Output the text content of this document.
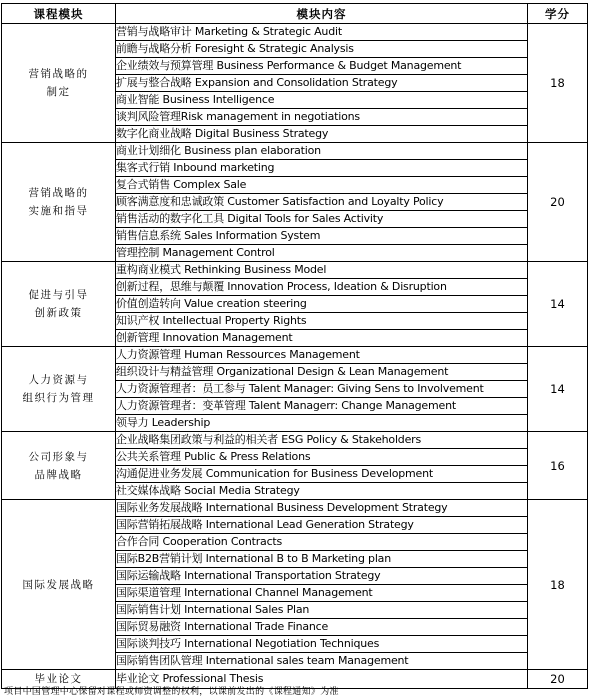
课程模块	模块内容	学分

营销战略的
制定	营销与战略审计 Marketing & Strategic Audit	18
	前瞻与战略分析 Foresight & Strategic Analysis	
	企业绩效与预算管理 Business Performance & Budget Management	
	扩展与整合战略 Expansion and Consolidation Strategy	
	商业智能 Business Intelligence	
	谈判风险管理Risk management in negotiations	
	数字化商业战略 Digital Business Strategy	

营销战略的
实施和指导	商业计划细化 Business plan elaboration	20
	集客式行销 Inbound marketing	
	复合式销售 Complex Sale	
	顾客满意度和忠诚政策 Customer Satisfaction and Loyalty Policy	
	销售活动的数字化工具 Digital Tools for Sales Activity	
	销售信息系统 Sales Information System	
	管理控制 Management Control	

促进与引导
创新政策	重构商业模式 Rethinking Business Model	14
	创新过程，思维与颠覆 Innovation Process, Ideation & Disruption	
	价值创造转向 Value creation steering	
	知识产权 Intellectual Property Rights	
	创新管理 Innovation Management	

人力资源与
组织行为管理	人力资源管理 Human Ressources Management	14
	组织设计与精益管理 Organizational Design & Lean Management	
	人力资源管理者：员工参与 Talent Manager: Giving Sens to Involvement	
	人力资源管理者：变革管理 Talent Managerr: Change Management	
	领导力 Leadership	

公司形象与
品牌战略	企业战略集团政策与利益的相关者 ESG Policy & Stakeholders	16
	公共关系管理 Public & Press Relations	
	沟通促进业务发展 Communication for Business Development	
	社交媒体战略 Social Media Strategy	

国际发展战略	国际业务发展战略 International Business Development Strategy	18
	国际营销拓展战略 International Lead Generation Strategy	
	合作合同 Cooperation Contracts	
	国际B2B营销计划 International B to B Marketing plan	
	国际运输战略 International Transportation Strategy	
	国际渠道管理 International Channel Management	
	国际销售计划 International Sales Plan	
	国际贸易融资 International Trade Finance	
	国际谈判技巧 International Negotiation Techniques	
	国际销售团队管理 International sales team Management	

毕业论文	毕业论文 Professional Thesis	20
项目中国管理中心保留对课程或师资调整的权利，以课前发出的《课程通知》为准
